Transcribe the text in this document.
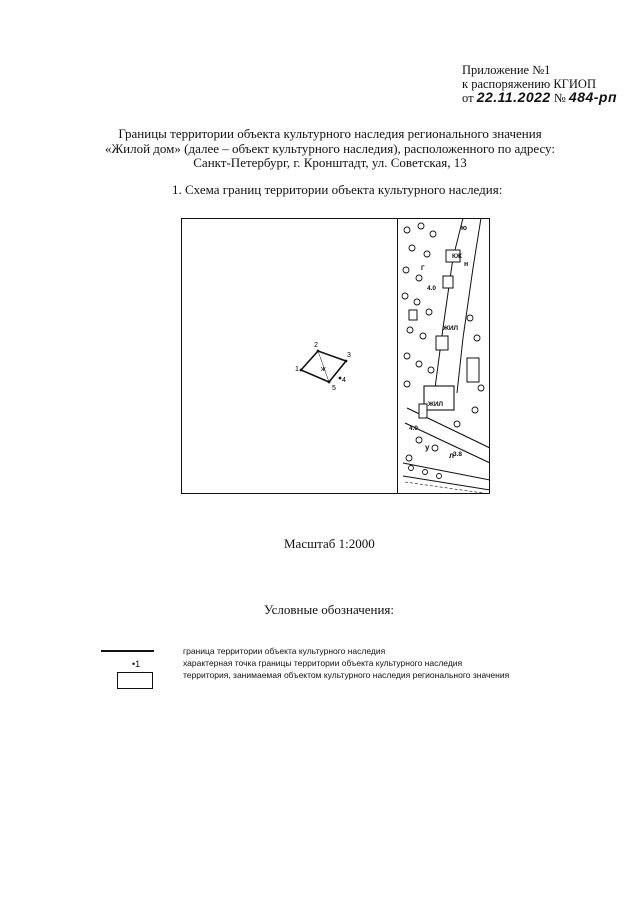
Приложение №1
к распоряжению КГИОП
от 22.11.2022 № 484-рп
Границы территории объекта культурного наследия регионального значения
«Жилой дом» (далее – объект культурного наследия), расположенного по адресу:
Санкт-Петербург, г. Кронштадт, ул. Советская, 13
1. Схема границ территории объекта культурного наследия:
1
2
3
4
5
ж
КЖ
ЖИЛ
ЖИЛ
Г
у
л
ю
н
4.0
3.8
4.0
Масштаб 1:2000
Условные обозначения:
•1
граница территории объекта культурного наследия
характерная точка границы территории объекта культурного наследия
территория, занимаемая объектом культурного наследия регионального значения
